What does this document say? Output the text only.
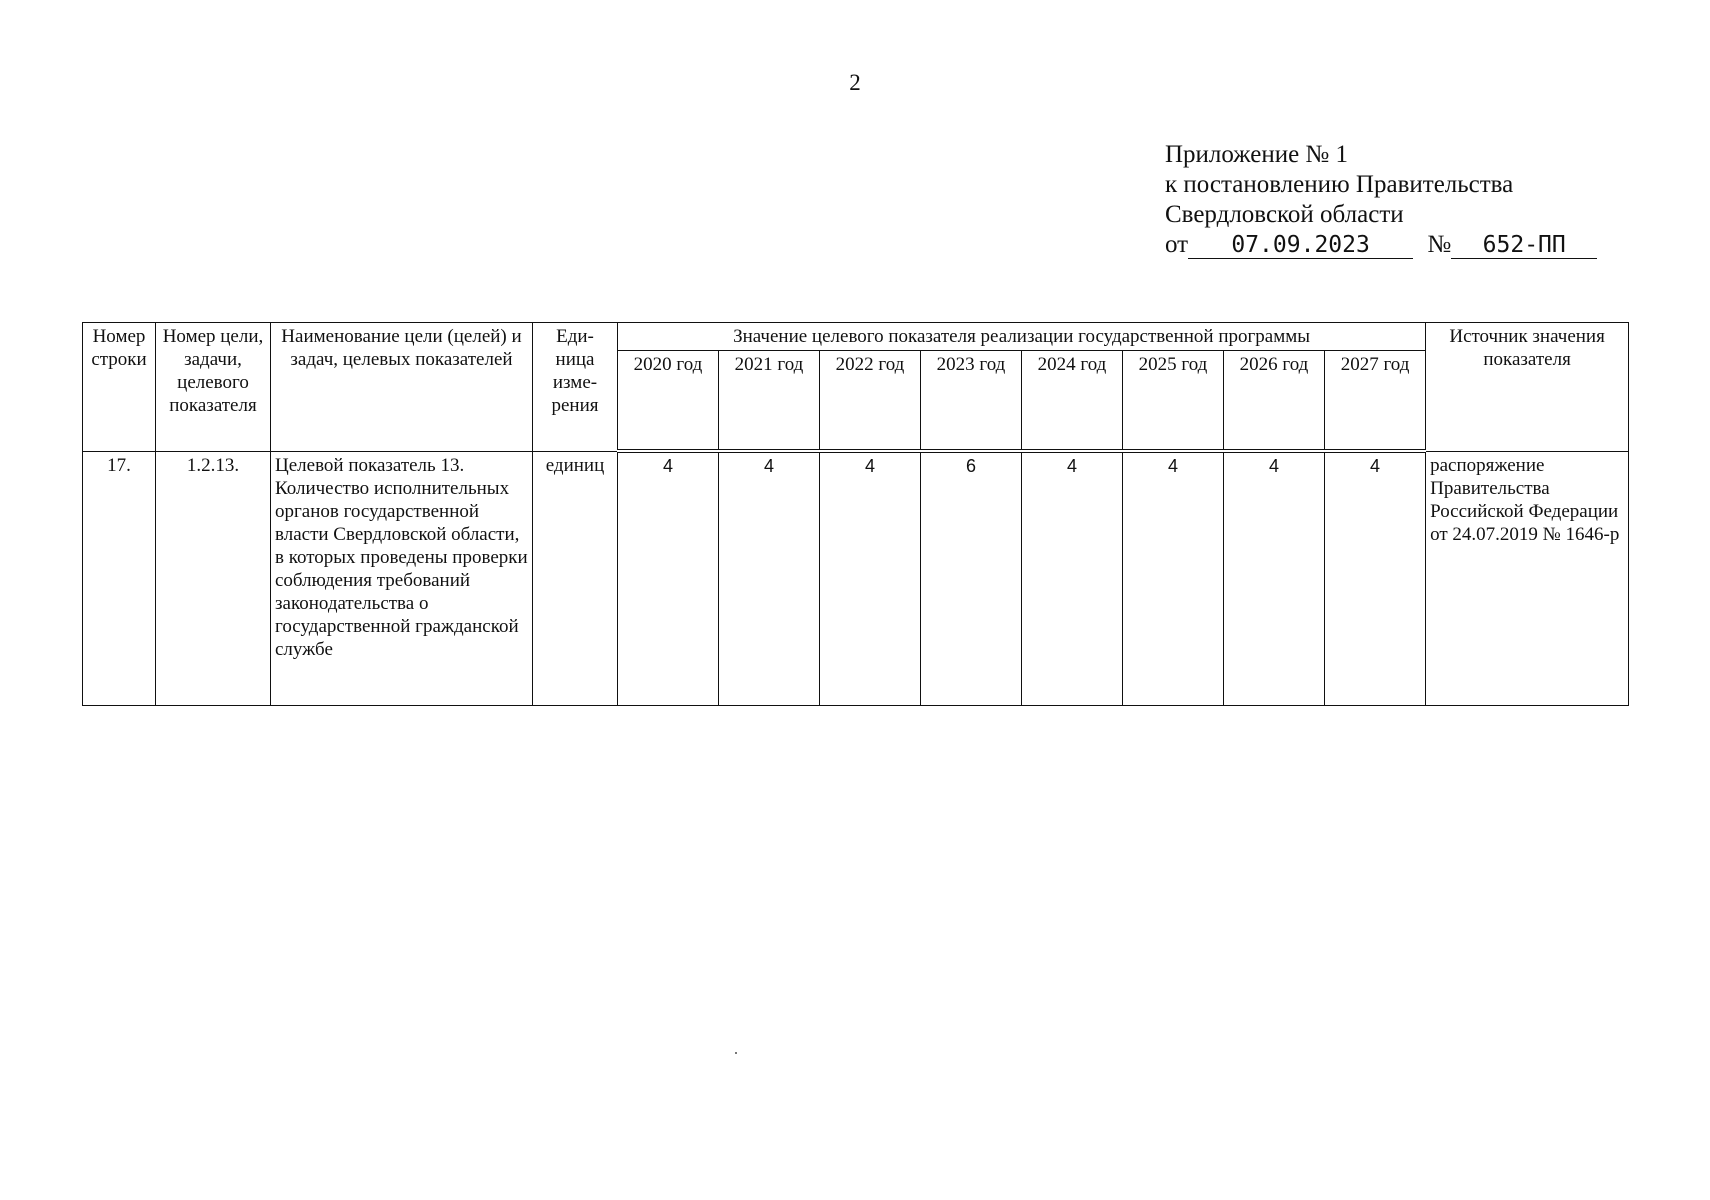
2
Приложение № 1
к постановлению Правительства
Свердловской области
от 07.09.2023 № 652-ПП
Номер строки	Номер цели, задачи, целевого показателя	Наименование цели (целей) и задач, целевых показателей	Еди-ница изме-рения	Значение целевого показателя реализации государственной программы								Источник значения показателя
				2020 год	2021 год	2022 год	2023 год	2024 год	2025 год	2026 год	2027 год	
17.	1.2.13.	Целевой показатель 13. Количество исполнительных органов государственной власти Свердловской области, в которых проведены проверки соблюдения требований законодательства о государственной гражданской службе	единиц	4	4	4	6	4	4	4	4	распоряжение Правительства Российской Федерации от 24.07.2019 № 1646-р
